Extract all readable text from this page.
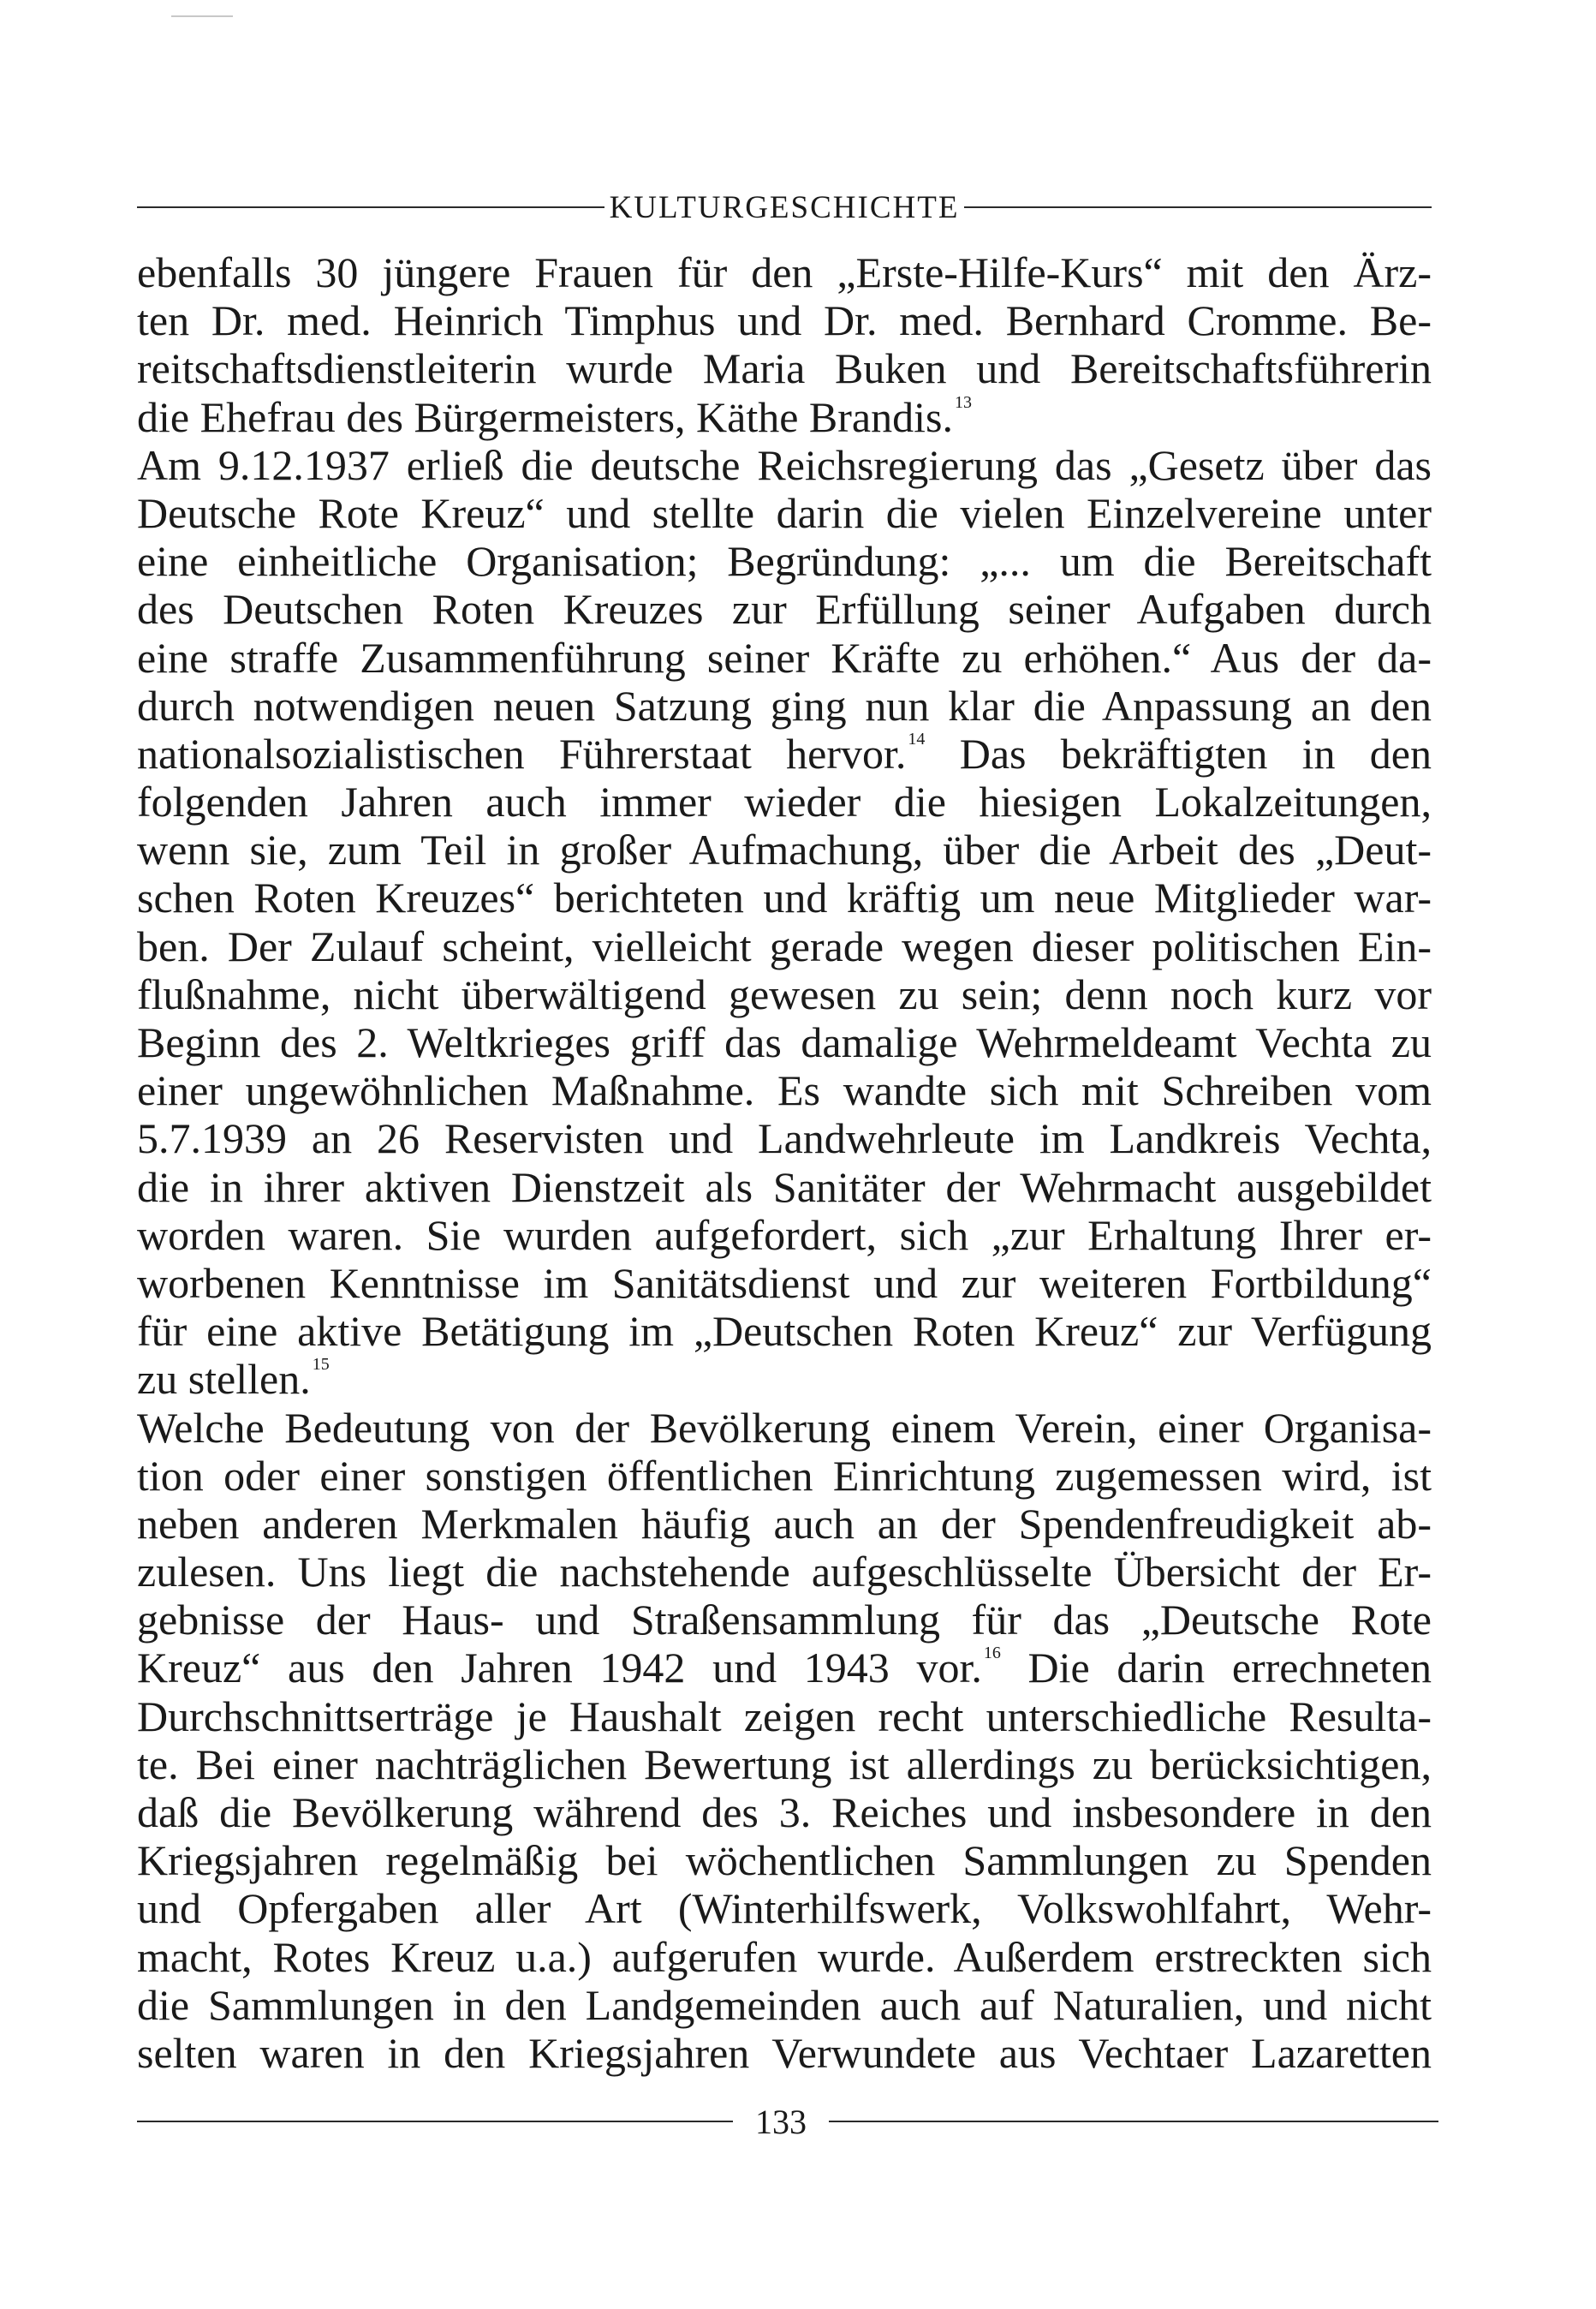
KULTURGESCHICHTE
ebenfalls 30 jüngere Frauen für den „Erste-Hilfe-Kurs“ mit den Ärz-
ten Dr. med. Heinrich Timphus und Dr. med. Bernhard Cromme. Be-
reitschaftsdienstleiterin wurde Maria Buken und Bereitschaftsführerin
die Ehefrau des Bürgermeisters, Käthe Brandis. $^{13}$
Am 9.12.1937 erließ die deutsche Reichsregierung das „Gesetz über das
Deutsche Rote Kreuz“ und stellte darin die vielen Einzelvereine unter
eine einheitliche Organisation; Begründung: „... um die Bereitschaft
des Deutschen Roten Kreuzes zur Erfüllung seiner Aufgaben durch
eine straffe Zusammenführung seiner Kräfte zu erhöhen.“ Aus der da-
durch notwendigen neuen Satzung ging nun klar die Anpassung an den
nationalsozialistischen Führerstaat hervor. $^{14}$ Das bekräftigten in den
folgenden Jahren auch immer wieder die hiesigen Lokalzeitungen,
wenn sie, zum Teil in großer Aufmachung, über die Arbeit des „Deut-
schen Roten Kreuzes“ berichteten und kräftig um neue Mitglieder war-
ben. Der Zulauf scheint, vielleicht gerade wegen dieser politischen Ein-
flußnahme, nicht überwältigend gewesen zu sein; denn noch kurz vor
Beginn des 2. Weltkrieges griff das damalige Wehrmeldeamt Vechta zu
einer ungewöhnlichen Maßnahme. Es wandte sich mit Schreiben vom
5.7.1939 an 26 Reservisten und Landwehrleute im Landkreis Vechta,
die in ihrer aktiven Dienstzeit als Sanitäter der Wehrmacht ausgebildet
worden waren. Sie wurden aufgefordert, sich „zur Erhaltung Ihrer er-
worbenen Kenntnisse im Sanitätsdienst und zur weiteren Fortbildung“
für eine aktive Betätigung im „Deutschen Roten Kreuz“ zur Verfügung
zu stellen. $^{15}$
Welche Bedeutung von der Bevölkerung einem Verein, einer Organisa-
tion oder einer sonstigen öffentlichen Einrichtung zugemessen wird, ist
neben anderen Merkmalen häufig auch an der Spendenfreudigkeit ab-
zulesen. Uns liegt die nachstehende aufgeschlüsselte Übersicht der Er-
gebnisse der Haus- und Straßensammlung für das „Deutsche Rote
Kreuz“ aus den Jahren 1942 und 1943 vor. $^{16}$ Die darin errechneten
Durchschnittserträge je Haushalt zeigen recht unterschiedliche Resulta-
te. Bei einer nachträglichen Bewertung ist allerdings zu berücksichtigen,
daß die Bevölkerung während des 3. Reiches und insbesondere in den
Kriegsjahren regelmäßig bei wöchentlichen Sammlungen zu Spenden
und Opfergaben aller Art (Winterhilfswerk, Volkswohlfahrt, Wehr-
macht, Rotes Kreuz u.a.) aufgerufen wurde. Außerdem erstreckten sich
die Sammlungen in den Landgemeinden auch auf Naturalien, und nicht
selten waren in den Kriegsjahren Verwundete aus Vechtaer Lazaretten
133
